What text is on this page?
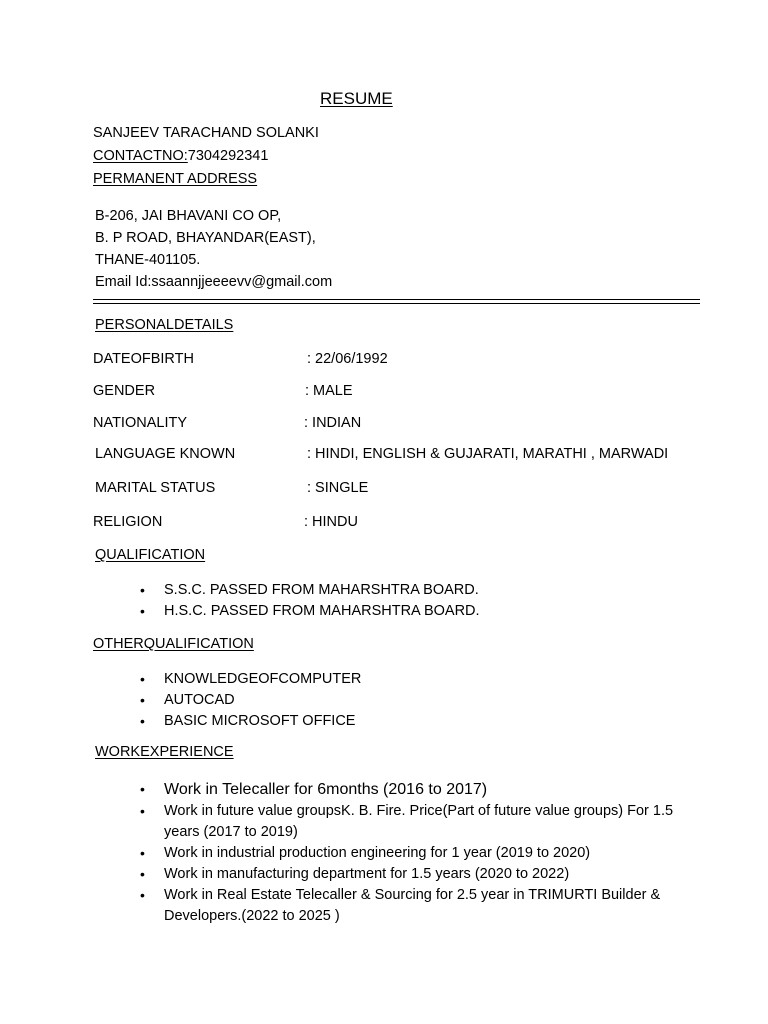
RESUME
SANJEEV TARACHAND SOLANKI
CONTACTNO:7304292341
PERMANENT ADDRESS
B-206, JAI BHAVANI CO OP,
B. P ROAD, BHAYANDAR(EAST),
THANE-401105.
Email Id:ssaannjjeeeevv@gmail.com
PERSONALDETAILS
DATEOFBIRTH	: 22/06/1992
GENDER	: MALE
NATIONALITY	: INDIAN
LANGUAGE KNOWN	: HINDI, ENGLISH & GUJARATI, MARATHI , MARWADI
MARITAL STATUS	: SINGLE
RELIGION	: HINDU
QUALIFICATION
• S.S.C. PASSED FROM MAHARSHTRA BOARD.
• H.S.C. PASSED FROM MAHARSHTRA BOARD.
OTHERQUALIFICATION
• KNOWLEDGEOFCOMPUTER
• AUTOCAD
• BASIC MICROSOFT OFFICE
WORKEXPERIENCE
• Work in Telecaller for 6months (2016 to 2017)
• Work in future value groupsK. B. Fire. Price(Part of future value groups) For 1.5 years (2017 to 2019)
• Work in industrial production engineering for 1 year (2019 to 2020)
• Work in manufacturing department for 1.5 years (2020 to 2022)
• Work in Real Estate Telecaller & Sourcing for 2.5 year in TRIMURTI Builder & Developers.(2022 to 2025 )
